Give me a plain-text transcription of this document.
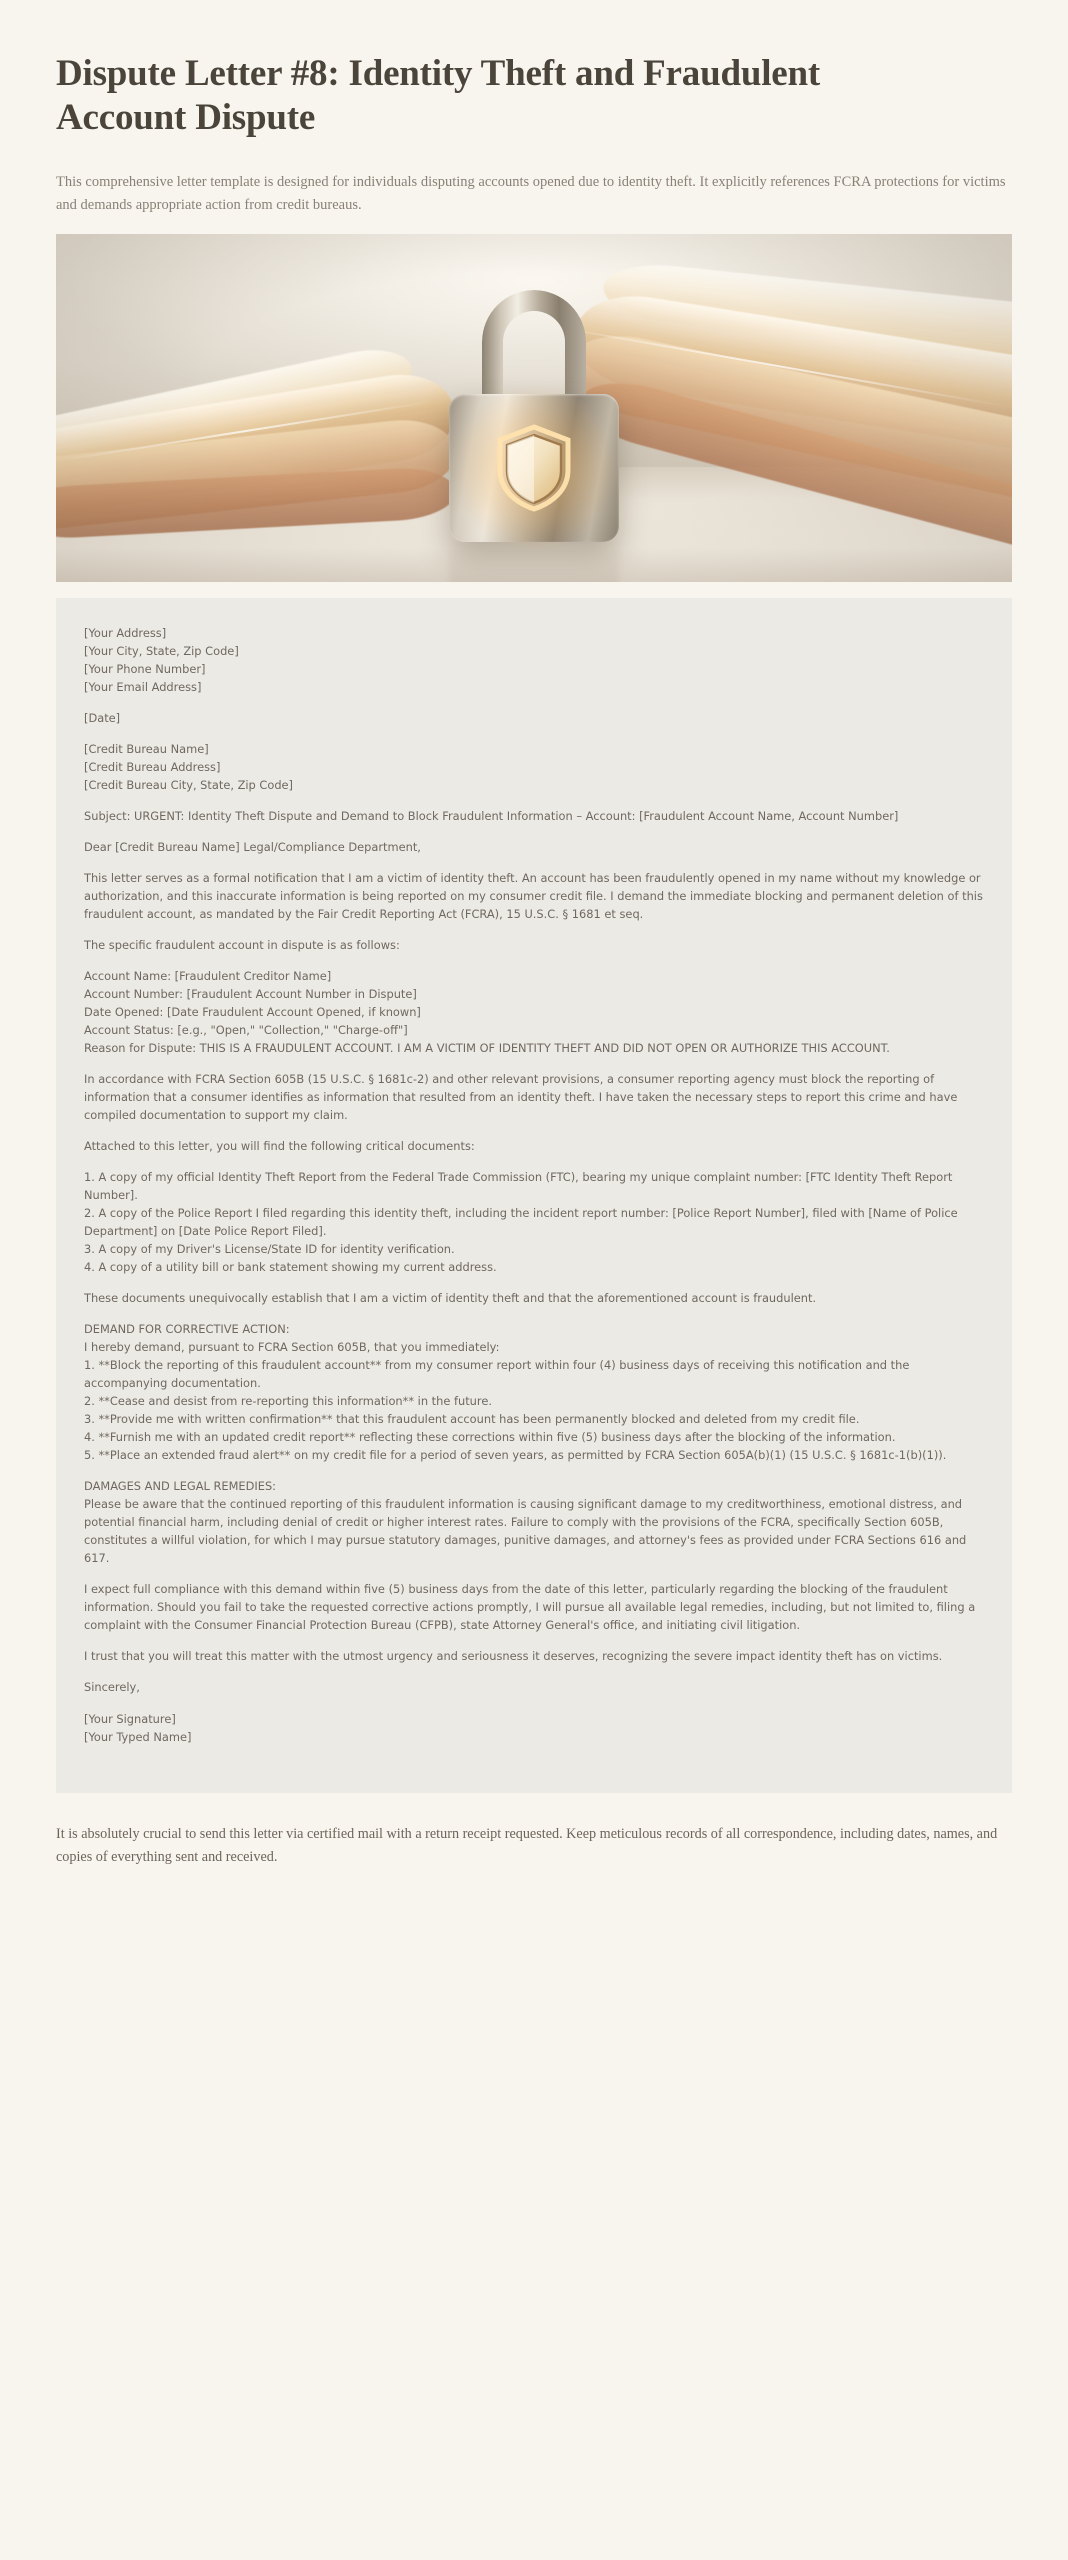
Dispute Letter #8: Identity Theft and Fraudulent Account Dispute

This comprehensive letter template is designed for individuals disputing accounts opened due to identity theft. It explicitly references FCRA protections for victims and demands appropriate action from credit bureaus.

[Your Address]
[Your City, State, Zip Code]
[Your Phone Number]
[Your Email Address]

[Date]

[Credit Bureau Name]
[Credit Bureau Address]
[Credit Bureau City, State, Zip Code]

Subject: URGENT: Identity Theft Dispute and Demand to Block Fraudulent Information – Account: [Fraudulent Account Name, Account Number]

Dear [Credit Bureau Name] Legal/Compliance Department,

This letter serves as a formal notification that I am a victim of identity theft. An account has been fraudulently opened in my name without my knowledge or authorization, and this inaccurate information is being reported on my consumer credit file. I demand the immediate blocking and permanent deletion of this fraudulent account, as mandated by the Fair Credit Reporting Act (FCRA), 15 U.S.C. § 1681 et seq.

The specific fraudulent account in dispute is as follows:

Account Name: [Fraudulent Creditor Name]
Account Number: [Fraudulent Account Number in Dispute]
Date Opened: [Date Fraudulent Account Opened, if known]
Account Status: [e.g., "Open," "Collection," "Charge-off"]
Reason for Dispute: THIS IS A FRAUDULENT ACCOUNT. I AM A VICTIM OF IDENTITY THEFT AND DID NOT OPEN OR AUTHORIZE THIS ACCOUNT.

In accordance with FCRA Section 605B (15 U.S.C. § 1681c-2) and other relevant provisions, a consumer reporting agency must block the reporting of information that a consumer identifies as information that resulted from an identity theft. I have taken the necessary steps to report this crime and have compiled documentation to support my claim.

Attached to this letter, you will find the following critical documents:

1. A copy of my official Identity Theft Report from the Federal Trade Commission (FTC), bearing my unique complaint number: [FTC Identity Theft Report Number].
2. A copy of the Police Report I filed regarding this identity theft, including the incident report number: [Police Report Number], filed with [Name of Police Department] on [Date Police Report Filed].
3. A copy of my Driver's License/State ID for identity verification.
4. A copy of a utility bill or bank statement showing my current address.

These documents unequivocally establish that I am a victim of identity theft and that the aforementioned account is fraudulent.

DEMAND FOR CORRECTIVE ACTION:
I hereby demand, pursuant to FCRA Section 605B, that you immediately:
1. **Block the reporting of this fraudulent account** from my consumer report within four (4) business days of receiving this notification and the accompanying documentation.
2. **Cease and desist from re-reporting this information** in the future.
3. **Provide me with written confirmation** that this fraudulent account has been permanently blocked and deleted from my credit file.
4. **Furnish me with an updated credit report** reflecting these corrections within five (5) business days after the blocking of the information.
5. **Place an extended fraud alert** on my credit file for a period of seven years, as permitted by FCRA Section 605A(b)(1) (15 U.S.C. § 1681c-1(b)(1)).
DAMAGES AND LEGAL REMEDIES:
Please be aware that the continued reporting of this fraudulent information is causing significant damage to my creditworthiness, emotional distress, and potential financial harm, including denial of credit or higher interest rates. Failure to comply with the provisions of the FCRA, specifically Section 605B, constitutes a willful violation, for which I may pursue statutory damages, punitive damages, and attorney's fees as provided under FCRA Sections 616 and 617.

I expect full compliance with this demand within five (5) business days from the date of this letter, particularly regarding the blocking of the fraudulent information. Should you fail to take the requested corrective actions promptly, I will pursue all available legal remedies, including, but not limited to, filing a complaint with the Consumer Financial Protection Bureau (CFPB), state Attorney General's office, and initiating civil litigation.

I trust that you will treat this matter with the utmost urgency and seriousness it deserves, recognizing the severe impact identity theft has on victims.

Sincerely,

[Your Signature]
[Your Typed Name]

It is absolutely crucial to send this letter via certified mail with a return receipt requested. Keep meticulous records of all correspondence, including dates, names, and copies of everything sent and received.
